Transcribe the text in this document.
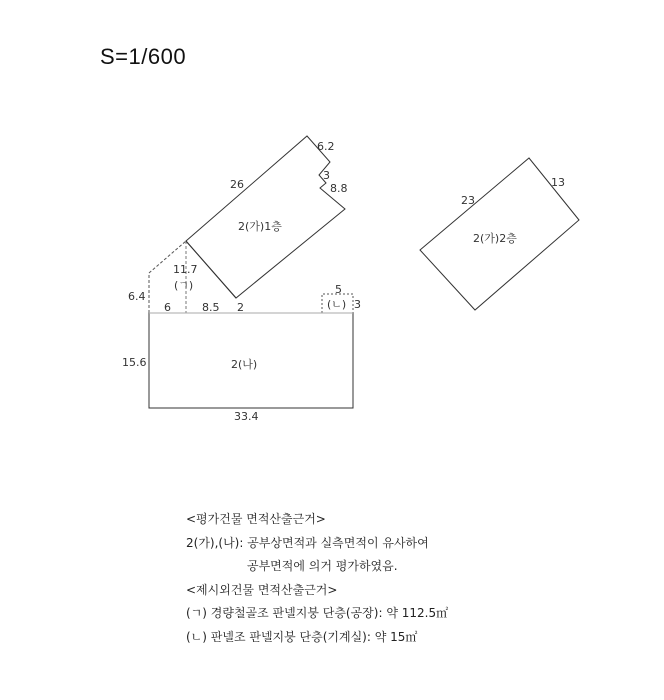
S=1/600
26
6.2
3
8.8
2(가)1층
23
13
2(가)2층
11.7
(ㄱ)
6.4
5
(ㄴ) 3
15.6
33.4
6	8.5 2
2(나)
<평가건물 면적산출근거>
2(가),(나): 공부상면적과 실측면적이 유사하여
공부면적에 의거 평가하였음.
<제시외건물 면적산출근거>
(ㄱ) 경량철골조 판넬지붕 단층(공장): 약 112.5㎡
(ㄴ) 판넬조 판넬지붕 단층(기계실): 약 15㎡
